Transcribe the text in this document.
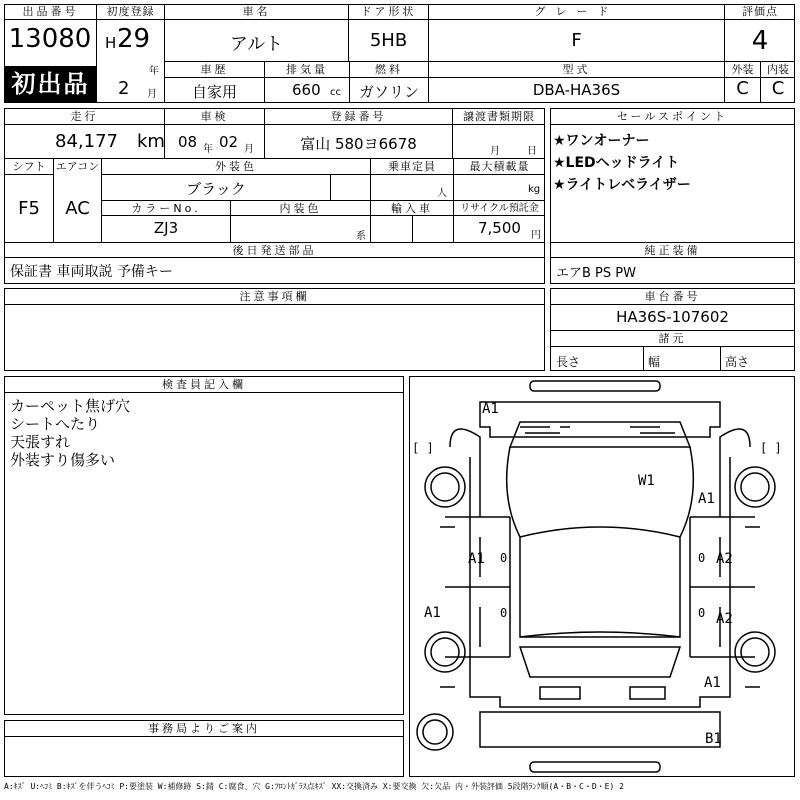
出品番号
13080
初出品
初度登録
H 29
年
2 月
車名
アルト
ドア形状
5HB
グレード
F
評価点
4
車歴
自家用
排気量
660 cc
燃料
ガソリン
型式
DBA-HA36S
外装	内装
C	C
走行
84,177 km
車検
08 年 02 月
登録番号
富山 580ヨ6678
譲渡書類期限
月	日
シフト
F5
エアコン
AC
外装色
ブラック
乗車定員
人
最大積載量
kg
カラーNo.
ZJ3
内装色
系
輸入車	リサイクル預託金
7,500 円
後日発送部品
保証書 車両取説 予備キー
セールスポイント
★ワンオーナー
★LEDヘッドライト
★ライトレベライザー
純正装備
エアB PS PW
注意事項欄	車台番号
HA36S-107602
諸元
長さ	幅	高さ
検査員記入欄
カーペット焦げ穴
シートへたり
天張すれ
外装すり傷多い
事務局よりご案内
0	0
0	0
A1
W1
A1
A1	A2
A2
A1
A1
B1
[ ]	[ ]
A:ｷｽﾞ U:ﾍｺﾐ B:ｷｽﾞを伴うﾍｺﾐ P:要塗装 W:補修跡 S:錆 C:腐食、穴 G:ﾌﾛﾝﾄｶﾞﾗｽ点ｷｽﾞ XX:交換済み X:要交換 欠:欠品 内・外装評価 5段階ﾗﾝｸ順(A・B・C・D・E) 2
